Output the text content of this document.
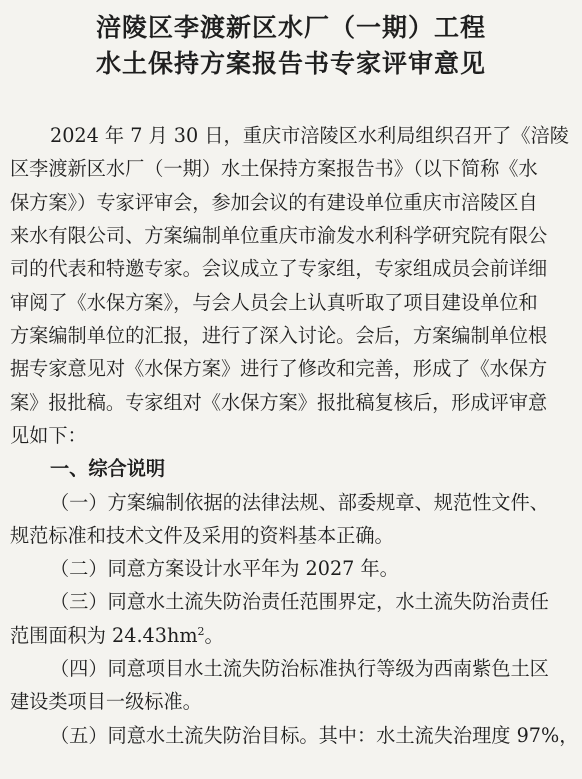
涪陵区李渡新区水厂（一期）工程
水土保持方案报告书专家评审意见
2024 年 7 月 30 日，重庆市涪陵区水利局组织召开了《涪陵
区李渡新区水厂（一期）水土保持方案报告书》（以下简称《水
保方案》）专家评审会，参加会议的有建设单位重庆市涪陵区自
来水有限公司、方案编制单位重庆市渝发水利科学研究院有限公
司的代表和特邀专家。会议成立了专家组，专家组成员会前详细
审阅了《水保方案》，与会人员会上认真听取了项目建设单位和
方案编制单位的汇报，进行了深入讨论。会后，方案编制单位根
据专家意见对《水保方案》进行了修改和完善，形成了《水保方
案》报批稿。专家组对《水保方案》报批稿复核后，形成评审意
见如下：
一、综合说明
（一）方案编制依据的法律法规、部委规章、规范性文件、
规范标准和技术文件及采用的资料基本正确。
（二）同意方案设计水平年为 2027 年。
（三）同意水土流失防治责任范围界定，水土流失防治责任
范围面积为 $24.43hm^2$。
（四）同意项目水土流失防治标准执行等级为西南紫色土区
建设类项目一级标准。
（五）同意水土流失防治目标。其中：水土流失治理度 97%，
